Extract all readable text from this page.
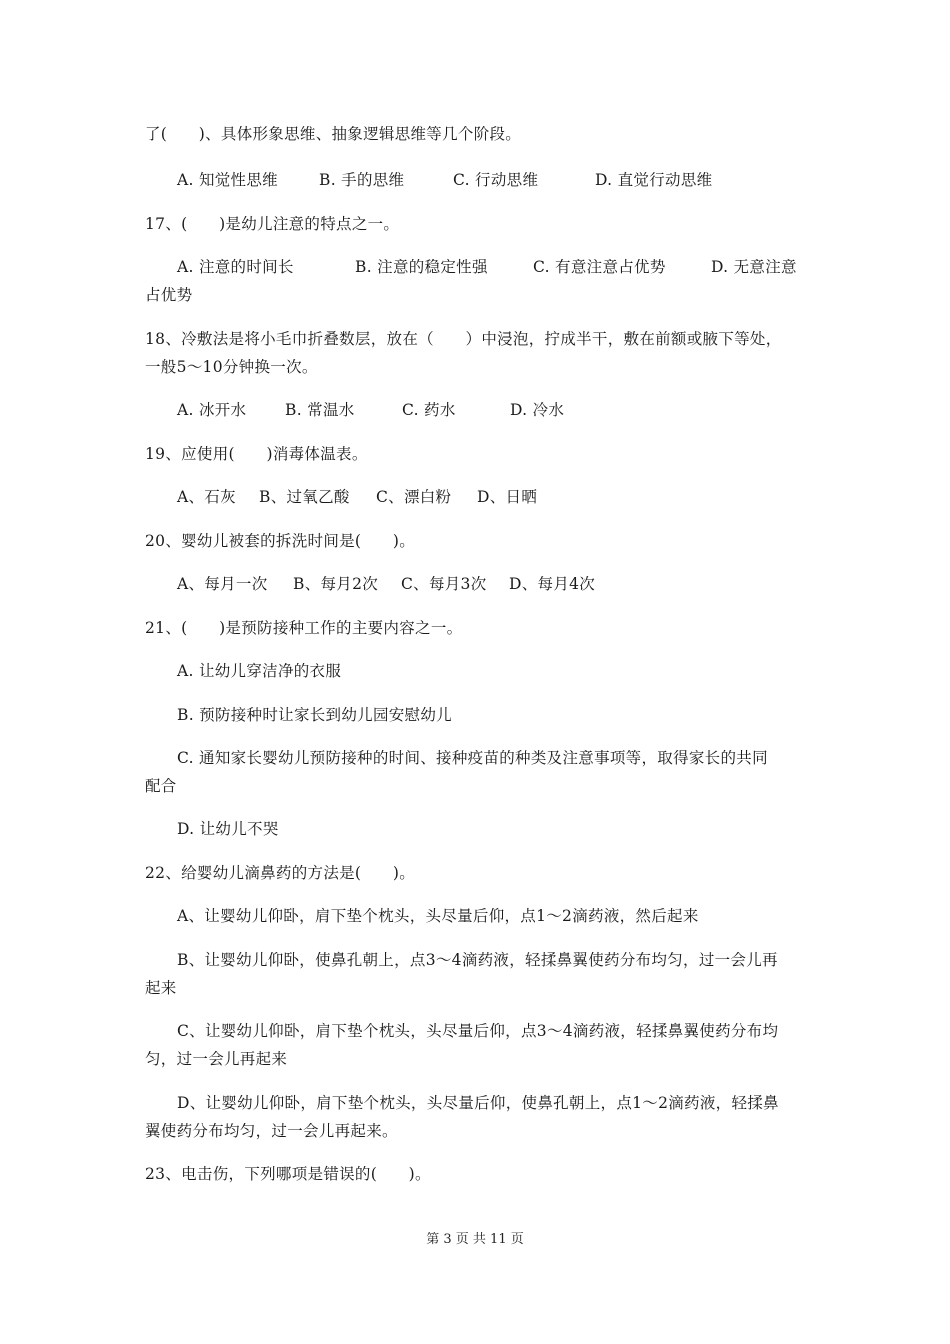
了(　　)、具体形象思维、抽象逻辑思维等几个阶段。
A. 知觉性思维	B. 手的思维	C. 行动思维	D. 直觉行动思维
17、(　　)是幼儿注意的特点之一。
A. 注意的时间长	B. 注意的稳定性强	C. 有意注意占优势	D. 无意注意
占优势
18、冷敷法是将小毛巾折叠数层，放在（　　）中浸泡，拧成半干，敷在前额或腋下等处，
一般5～10分钟换一次。
A. 冰开水	B. 常温水	C. 药水	D. 冷水
19、应使用(　　)消毒体温表。
A、石灰	B、过氧乙酸	C、漂白粉	D、日晒
20、婴幼儿被套的拆洗时间是(　　)。
A、每月一次	B、每月2次	C、每月3次	D、每月4次
21、(　　)是预防接种工作的主要内容之一。
A. 让幼儿穿洁净的衣服
B. 预防接种时让家长到幼儿园安慰幼儿
C. 通知家长婴幼儿预防接种的时间、接种疫苗的种类及注意事项等，取得家长的共同
配合
D. 让幼儿不哭
22、给婴幼儿滴鼻药的方法是(　　)。
A、让婴幼儿仰卧，肩下垫个枕头，头尽量后仰，点1～2滴药液，然后起来
B、让婴幼儿仰卧，使鼻孔朝上，点3～4滴药液，轻揉鼻翼使药分布均匀，过一会儿再
起来
C、让婴幼儿仰卧，肩下垫个枕头，头尽量后仰，点3～4滴药液，轻揉鼻翼使药分布均
匀，过一会儿再起来
D、让婴幼儿仰卧，肩下垫个枕头，头尽量后仰，使鼻孔朝上，点1～2滴药液，轻揉鼻
翼使药分布均匀，过一会儿再起来。
23、电击伤，下列哪项是错误的(　　)。
第 3 页 共 11 页
